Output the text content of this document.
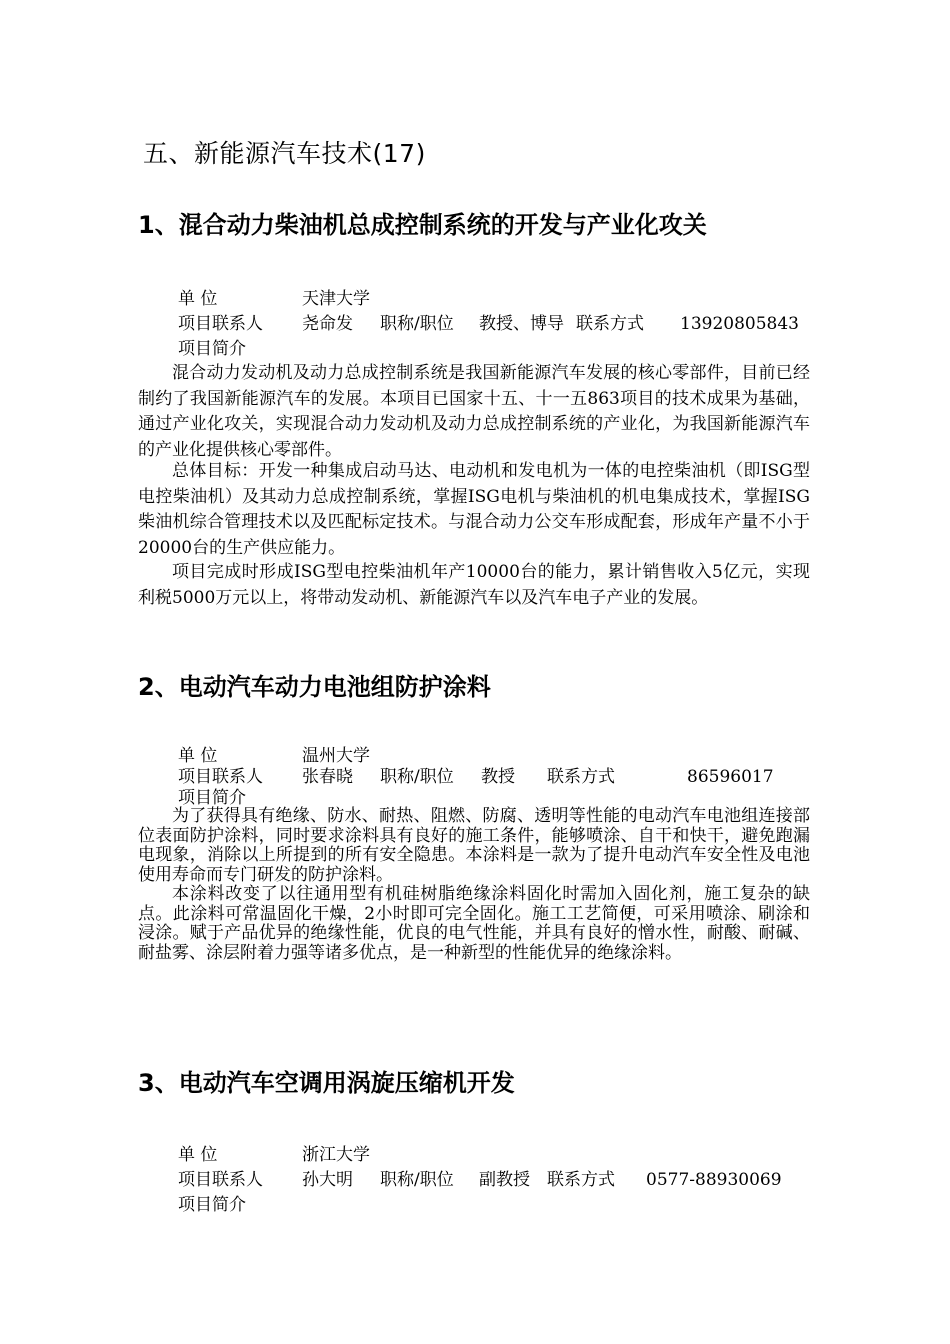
五、新能源汽车技术(17)
1、混合动力柴油机总成控制系统的开发与产业化攻关
单 位	天津大学
项目联系人 尧命发 职称/职位 教授、博导 联系方式 13920805843
项目简介

混合动力发动机及动力总成控制系统是我国新能源汽车发展的核心零部件，目前已经制约了我国新能源汽车的发展。本项目已国家十五、十一五863项目的技术成果为基础，通过产业化攻关，实现混合动力发动机及动力总成控制系统的产业化，为我国新能源汽车的产业化提供核心零部件。

总体目标：开发一种集成启动马达、电动机和发电机为一体的电控柴油机（即ISG型电控柴油机）及其动力总成控制系统，掌握ISG电机与柴油机的机电集成技术，掌握ISG柴油机综合管理技术以及匹配标定技术。与混合动力公交车形成配套，形成年产量不小于20000台的生产供应能力。

项目完成时形成ISG型电控柴油机年产10000台的能力，累计销售收入5亿元，实现利税5000万元以上，将带动发动机、新能源汽车以及汽车电子产业的发展。

2、电动汽车动力电池组防护涂料
单 位	温州大学
项目联系人 张春晓 职称/职位 教授 联系方式	86596017
项目简介

为了获得具有绝缘、防水、耐热、阻燃、防腐、透明等性能的电动汽车电池组连接部位表面防护涂料，同时要求涂料具有良好的施工条件，能够喷涂、自干和快干，避免跑漏电现象，消除以上所提到的所有安全隐患。本涂料是一款为了提升电动汽车安全性及电池使用寿命而专门研发的防护涂料。

本涂料改变了以往通用型有机硅树脂绝缘涂料固化时需加入固化剂，施工复杂的缺点。此涂料可常温固化干燥，2小时即可完全固化。施工工艺简便，可采用喷涂、刷涂和浸涂。赋于产品优异的绝缘性能，优良的电气性能，并具有良好的憎水性，耐酸、耐碱、耐盐雾、涂层附着力强等诸多优点，是一种新型的性能优异的绝缘涂料。

3、电动汽车空调用涡旋压缩机开发
单 位	浙江大学
项目联系人 孙大明 职称/职位 副教授 联系方式 0577-88930069
项目简介
